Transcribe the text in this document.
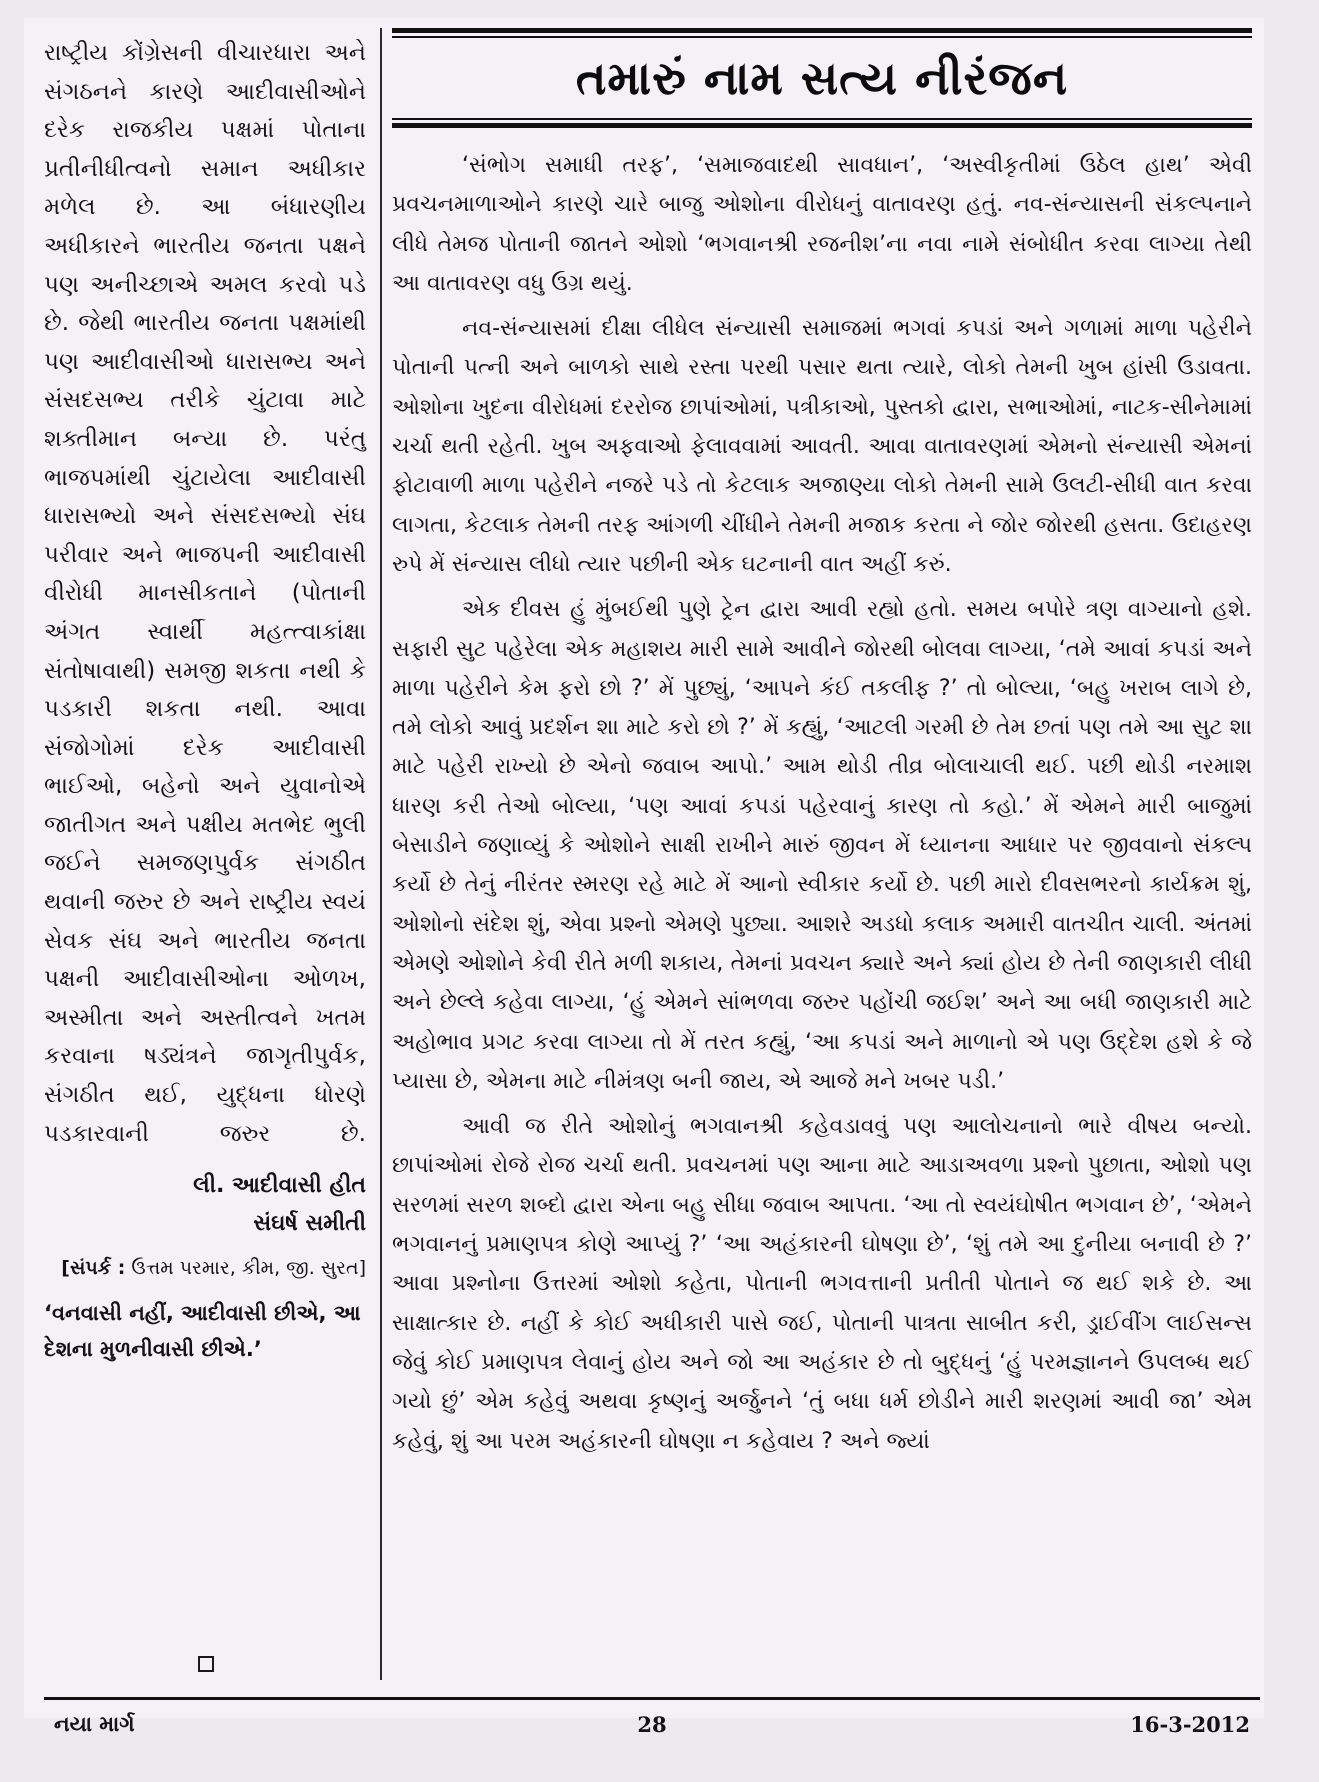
રાષ્ટ્રીય કોંગ્રેસની વીચારધારા અને સંગઠનને કારણે આદીવાસીઓને દરેક રાજકીય પક્ષમાં પોતાના પ્રતીનીધીત્વનો સમાન અધીકાર મળેલ છે. આ બંધારણીય અધીકારને ભારતીય જનતા પક્ષને પણ અનીચ્છાએ અમલ કરવો પડે છે. જેથી ભારતીય જનતા પક્ષમાંથી પણ આદીવાસીઓ ધારાસભ્ય અને સંસદસભ્ય તરીકે ચુંટાવા માટે શક્તીમાન બન્યા છે. પરંતુ ભાજપમાંથી ચુંટાયેલા આદીવાસી ધારાસભ્યો અને સંસદસભ્યો સંઘ પરીવાર અને ભાજપની આદીવાસી વીરોધી માનસીકતાને (પોતાની અંગત સ્વાર્થી મહત્ત્વાકાંક્ષા સંતોષાવાથી) સમજી શકતા નથી કે પડકારી શકતા નથી. આવા સંજોગોમાં દરેક આદીવાસી ભાઈઓ, બહેનો અને યુવાનોએ જાતીગત અને પક્ષીય મતભેદ ભુલી જઈને સમજણપુર્વક સંગઠીત થવાની જરુર છે અને રાષ્ટ્રીય સ્વયં સેવક સંઘ અને ભારતીય જનતા પક્ષની આદીવાસીઓના ઓળખ, અસ્મીતા અને અસ્તીત્વને ખતમ કરવાના ષડ્યંત્રને જાગૃતીપુર્વક, સંગઠીત થઈ, યુદ્ધના ધોરણે પડકારવાની જરુર છે.
લી. આદીવાસી હીત
સંઘર્ષ સમીતી
[સંપર્ક : ઉત્તમ પરમાર, કીમ, જી. સુરત]
‘વનવાસી નહીં, આદીવાસી છીએ, આ દેશના મુળનીવાસી છીએ.’
તમારું નામ સત્ય નીરંજન

‘સંભોગ સમાધી તરફ’, ‘સમાજવાદથી સાવધાન’, ‘અસ્વીકૃતીમાં ઉઠેલ હાથ’ એવી પ્રવચનમાળાઓને કારણે ચારે બાજુ ઓશોના વીરોધનું વાતાવરણ હતું. નવ-સંન્યાસની સંકલ્પનાને લીધે તેમજ પોતાની જાતને ઓશો ‘ભગવાનશ્રી રજનીશ’ના નવા નામે સંબોધીત કરવા લાગ્યા તેથી આ વાતાવરણ વધુ ઉગ્ર થયું.

નવ-સંન્યાસમાં દીક્ષા લીધેલ સંન્યાસી સમાજમાં ભગવાં કપડાં અને ગળામાં માળા પહેરીને પોતાની પત્ની અને બાળકો સાથે રસ્તા પરથી પસાર થતા ત્યારે, લોકો તેમની ખુબ હાંસી ઉડાવતા. ઓશોના ખુદના વીરોધમાં દરરોજ છાપાંઓમાં, પત્રીકાઓ, પુસ્તકો દ્વારા, સભાઓમાં, નાટક-સીનેમામાં ચર્ચા થતી રહેતી. ખુબ અફવાઓ ફેલાવવામાં આવતી. આવા વાતાવરણમાં એમનો સંન્યાસી એમનાં ફોટાવાળી માળા પહેરીને નજરે પડે તો કેટલાક અજાણ્યા લોકો તેમની સામે ઉલટી-સીધી વાત કરવા લાગતા, કેટલાક તેમની તરફ આંગળી ચીંધીને તેમની મજાક કરતા ને જોર જોરથી હસતા. ઉદાહરણ રુપે મેં સંન્યાસ લીધો ત્યાર પછીની એક ઘટનાની વાત અહીં કરું.

એક દીવસ હું મુંબઈથી પુણે ટ્રેન દ્વારા આવી રહ્યો હતો. સમય બપોરે ત્રણ વાગ્યાનો હશે. સફારી સુટ પહેરેલા એક મહાશય મારી સામે આવીને જોરથી બોલવા લાગ્યા, ‘તમે આવાં કપડાં અને માળા પહેરીને કેમ ફરો છો ?’ મેં પુછ્યું, ‘આપને કંઈ તકલીફ ?’ તો બોલ્યા, ‘બહુ ખરાબ લાગે છે, તમે લોકો આવું પ્રદર્શન શા માટે કરો છો ?’ મેં કહ્યું, ‘આટલી ગરમી છે તેમ છતાં પણ તમે આ સુટ શા માટે પહેરી રાખ્યો છે એનો જવાબ આપો.’ આમ થોડી તીવ્ર બોલાચાલી થઈ. પછી થોડી નરમાશ ધારણ કરી તેઓ બોલ્યા, ‘પણ આવાં કપડાં પહેરવાનું કારણ તો કહો.’ મેં એમને મારી બાજુમાં બેસાડીને જણાવ્યું કે ઓશોને સાક્ષી રાખીને મારું જીવન મેં ધ્યાનના આધાર પર જીવવાનો સંકલ્પ કર્યો છે તેનું નીરંતર સ્મરણ રહે માટે મેં આનો સ્વીકાર કર્યો છે. પછી મારો દીવસભરનો કાર્યક્રમ શું, ઓશોનો સંદેશ શું, એવા પ્રશ્નો એમણે પુછ્યા. આશરે અડધો કલાક અમારી વાતચીત ચાલી. અંતમાં એમણે ઓશોને કેવી રીતે મળી શકાય, તેમનાં પ્રવચન ક્યારે અને ક્યાં હોય છે તેની જાણકારી લીધી અને છેલ્લે કહેવા લાગ્યા, ‘હું એમને સાંભળવા જરુર પહોંચી જઈશ’ અને આ બધી જાણકારી માટે અહોભાવ પ્રગટ કરવા લાગ્યા તો મેં તરત કહ્યું, ‘આ કપડાં અને માળાનો એ પણ ઉદ્દેશ હશે કે જે પ્યાસા છે, એમના માટે નીમંત્રણ બની જાય, એ આજે મને ખબર પડી.’

આવી જ રીતે ઓશોનું ભગવાનશ્રી કહેવડાવવું પણ આલોચનાનો ભારે વીષય બન્યો. છાપાંઓમાં રોજે રોજ ચર્ચા થતી. પ્રવચનમાં પણ આના માટે આડાઅવળા પ્રશ્નો પુછાતા, ઓશો પણ સરળમાં સરળ શબ્દો દ્વારા એના બહુ સીધા જવાબ આપતા. ‘આ તો સ્વયંઘોષીત ભગવાન છે’, ‘એમને ભગવાનનું પ્રમાણપત્ર કોણે આપ્યું ?’ ‘આ અહંકારની ઘોષણા છે’, ‘શું તમે આ દુનીયા બનાવી છે ?’ આવા પ્રશ્નોના ઉત્તરમાં ઓશો કહેતા, પોતાની ભગવત્તાની પ્રતીતી પોતાને જ થઈ શકે છે. આ સાક્ષાત્કાર છે. નહીં કે કોઈ અધીકારી પાસે જઈ, પોતાની પાત્રતા સાબીત કરી, ડ્રાઈવીંગ લાઈસન્સ જેવું કોઈ પ્રમાણપત્ર લેવાનું હોય અને જો આ અહંકાર છે તો બુદ્ધનું ‘હું પરમજ્ઞાનને ઉપલબ્ધ થઈ ગયો છું’ એમ કહેવું અથવા કૃષ્ણનું અર્જુનને ‘તું બધા ધર્મ છોડીને મારી શરણમાં આવી જા’ એમ કહેવું, શું આ પરમ અહંકારની ઘોષણા ન કહેવાય ? અને જ્યાં

નયા માર્ગ	28	16-3-2012
